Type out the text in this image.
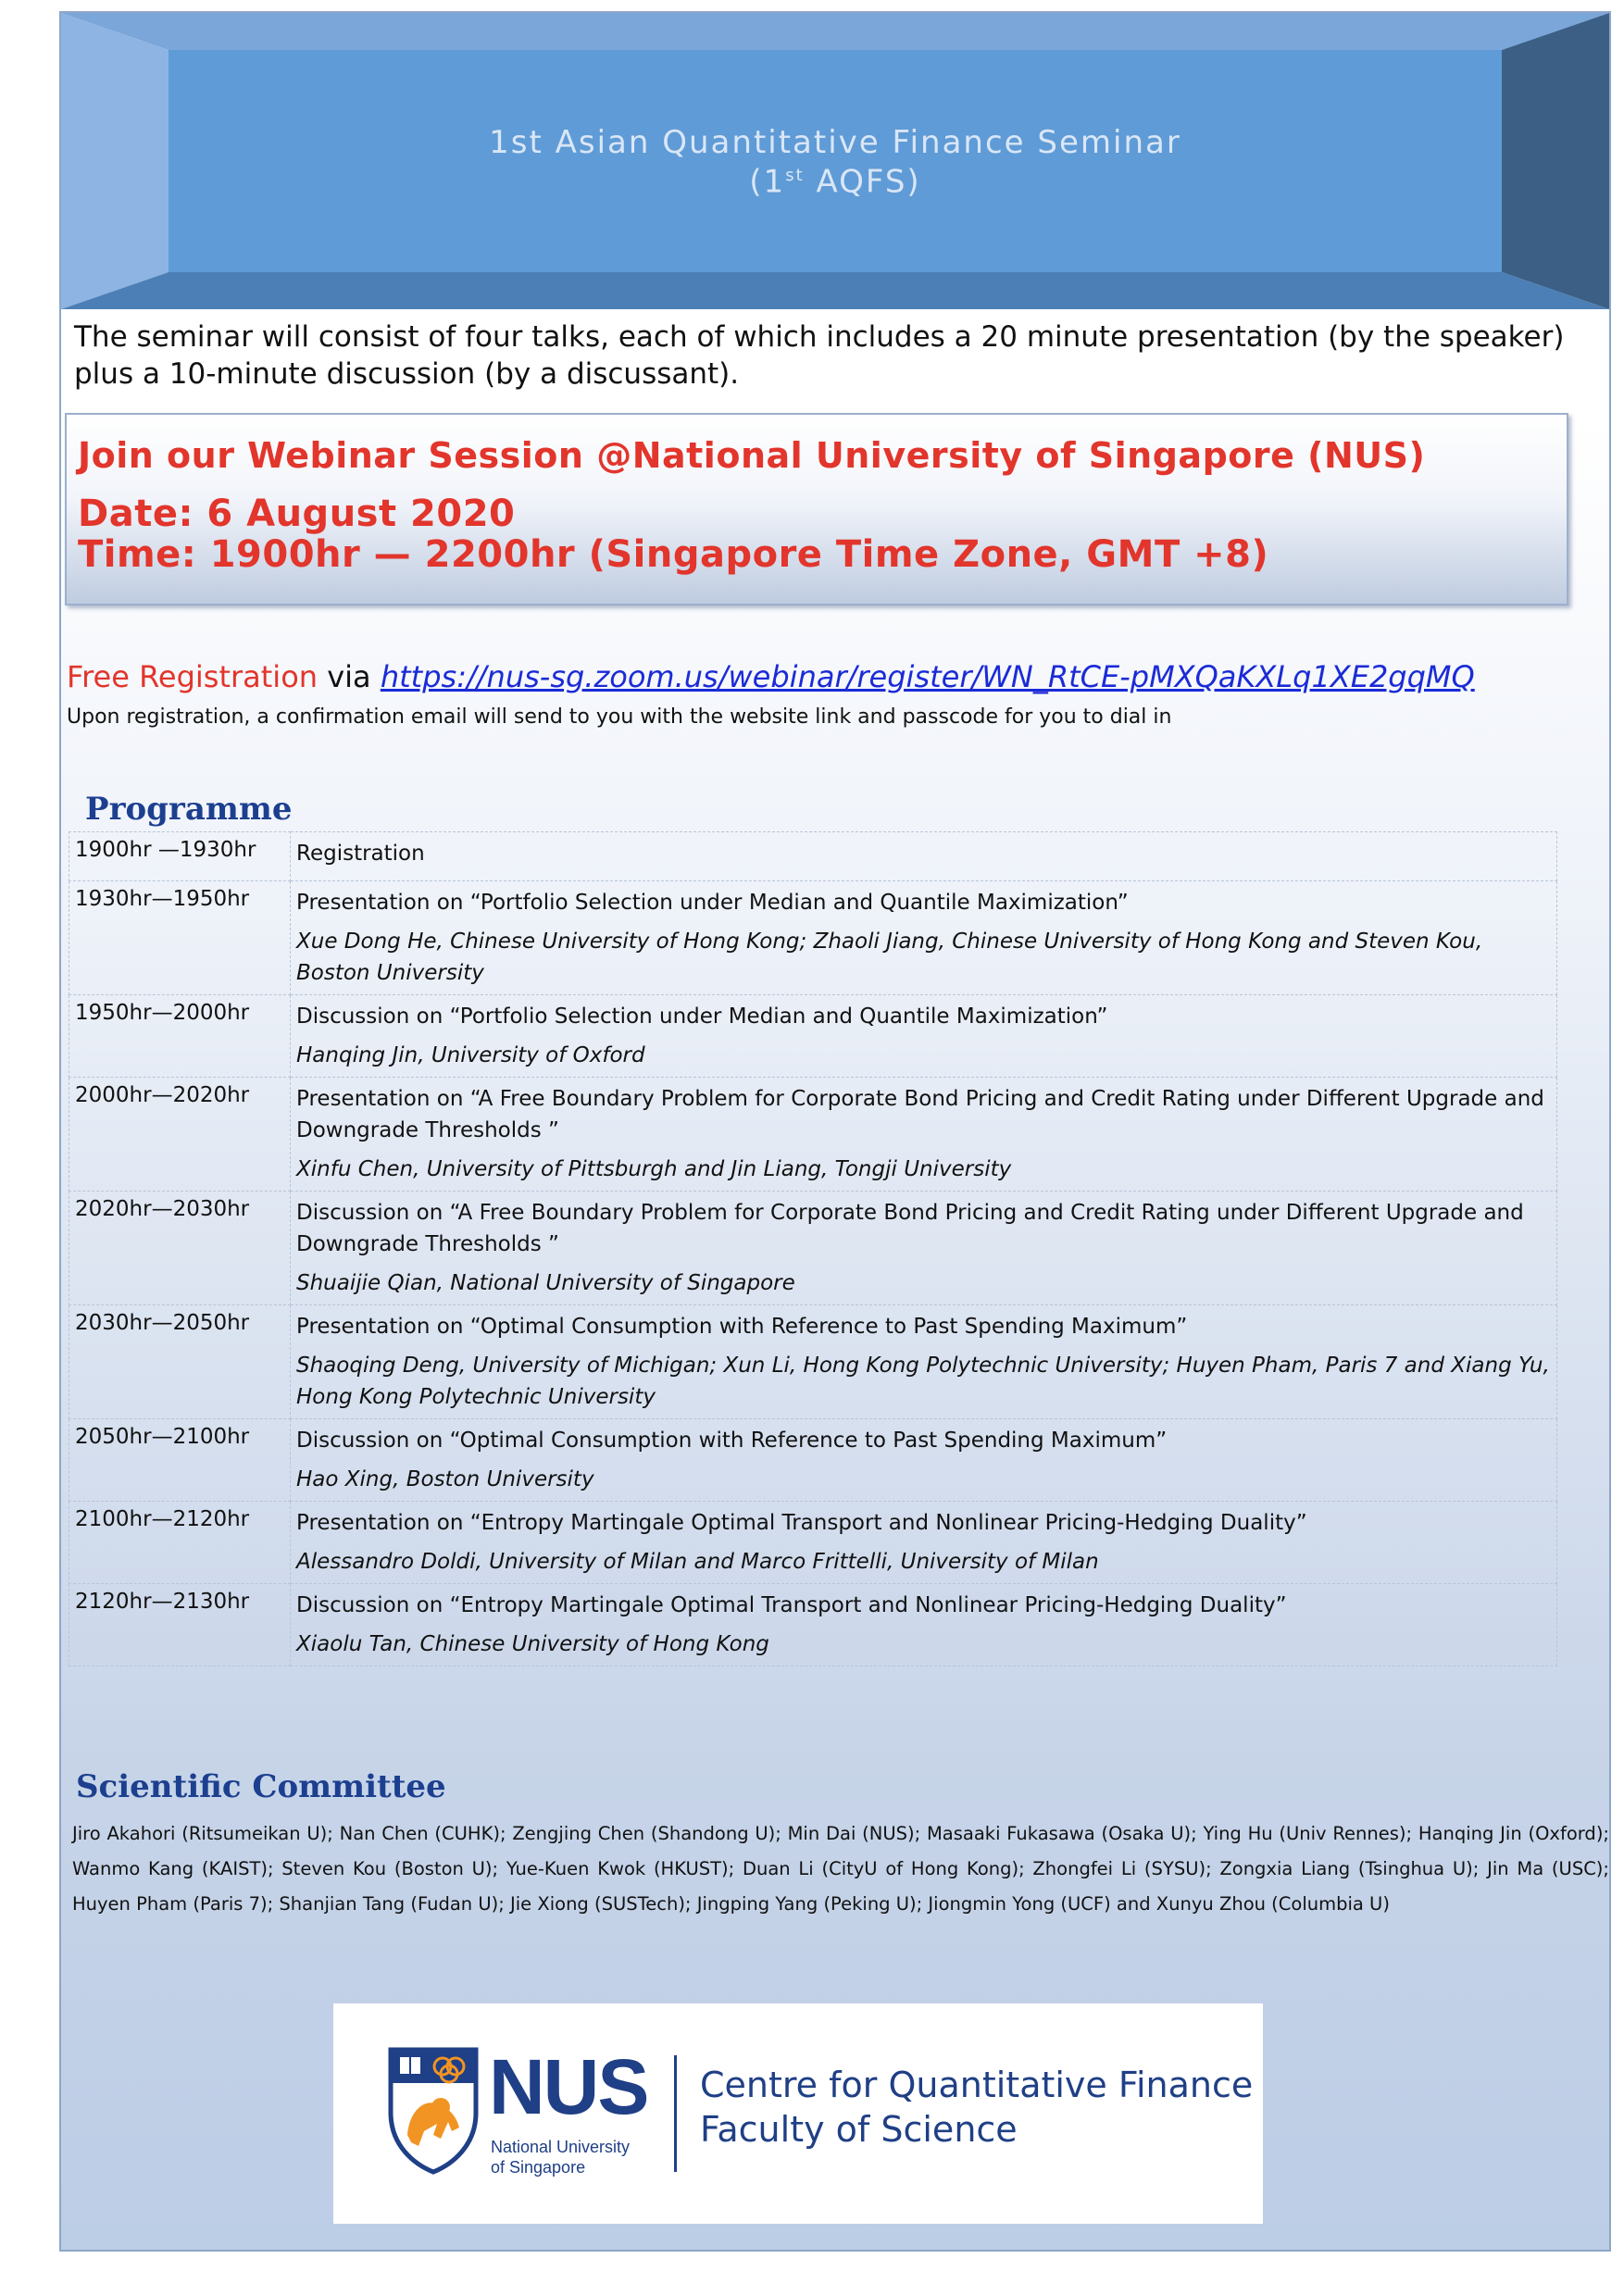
1st Asian Quantitative Finance Seminar
(1st AQFS)
The seminar will consist of four talks, each of which includes a 20 minute presentation (by the speaker) plus a 10-minute discussion (by a discussant).
Join our Webinar Session @National University of Singapore (NUS)
Date: 6 August 2020
Time: 1900hr — 2200hr (Singapore Time Zone, GMT +8)
Free Registration via https://nus-sg.zoom.us/webinar/register/WN_RtCE-pMXQaKXLq1XE2gqMQ
Upon registration, a confirmation email will send to you with the website link and passcode for you to dial in
Programme
1900hr —1930hr	Registration

1930hr—1950hr	Presentation on “Portfolio Selection under Median and Quantile Maximization”
Xue Dong He, Chinese University of Hong Kong; Zhaoli Jiang, Chinese University of Hong Kong and Steven Kou, Boston University

1950hr—2000hr	Discussion on “Portfolio Selection under Median and Quantile Maximization”
Hanqing Jin, University of Oxford

2000hr—2020hr	Presentation on “A Free Boundary Problem for Corporate Bond Pricing and Credit Rating under Different Upgrade and Downgrade Thresholds ”
Xinfu Chen, University of Pittsburgh and Jin Liang, Tongji University

2020hr—2030hr	Discussion on “A Free Boundary Problem for Corporate Bond Pricing and Credit Rating under Different Upgrade and Downgrade Thresholds ”
Shuaijie Qian, National University of Singapore

2030hr—2050hr	Presentation on “Optimal Consumption with Reference to Past Spending Maximum”
Shaoqing Deng, University of Michigan; Xun Li, Hong Kong Polytechnic University; Huyen Pham, Paris 7 and Xiang Yu, Hong Kong Polytechnic University

2050hr—2100hr	Discussion on “Optimal Consumption with Reference to Past Spending Maximum”
Hao Xing, Boston University

2100hr—2120hr	Presentation on “Entropy Martingale Optimal Transport and Nonlinear Pricing-Hedging Duality”
Alessandro Doldi, University of Milan and Marco Frittelli, University of Milan

2120hr—2130hr	Discussion on “Entropy Martingale Optimal Transport and Nonlinear Pricing-Hedging Duality”
Xiaolu Tan, Chinese University of Hong Kong
Scientific Committee
Jiro Akahori (Ritsumeikan U); Nan Chen (CUHK); Zengjing Chen (Shandong U); Min Dai (NUS); Masaaki Fukasawa (Osaka U); Ying Hu (Univ Rennes); Hanqing Jin (Oxford); Wanmo Kang (KAIST); Steven Kou (Boston U); Yue-Kuen Kwok (HKUST); Duan Li (CityU of Hong Kong); Zhongfei Li (SYSU); Zongxia Liang (Tsinghua U); Jin Ma (USC); Huyen Pham (Paris 7); Shanjian Tang (Fudan U); Jie Xiong (SUSTech); Jingping Yang (Peking U); Jiongmin Yong (UCF) and Xunyu Zhou (Columbia U)
NUS
National University
of Singapore
Centre for Quantitative Finance
Faculty of Science
